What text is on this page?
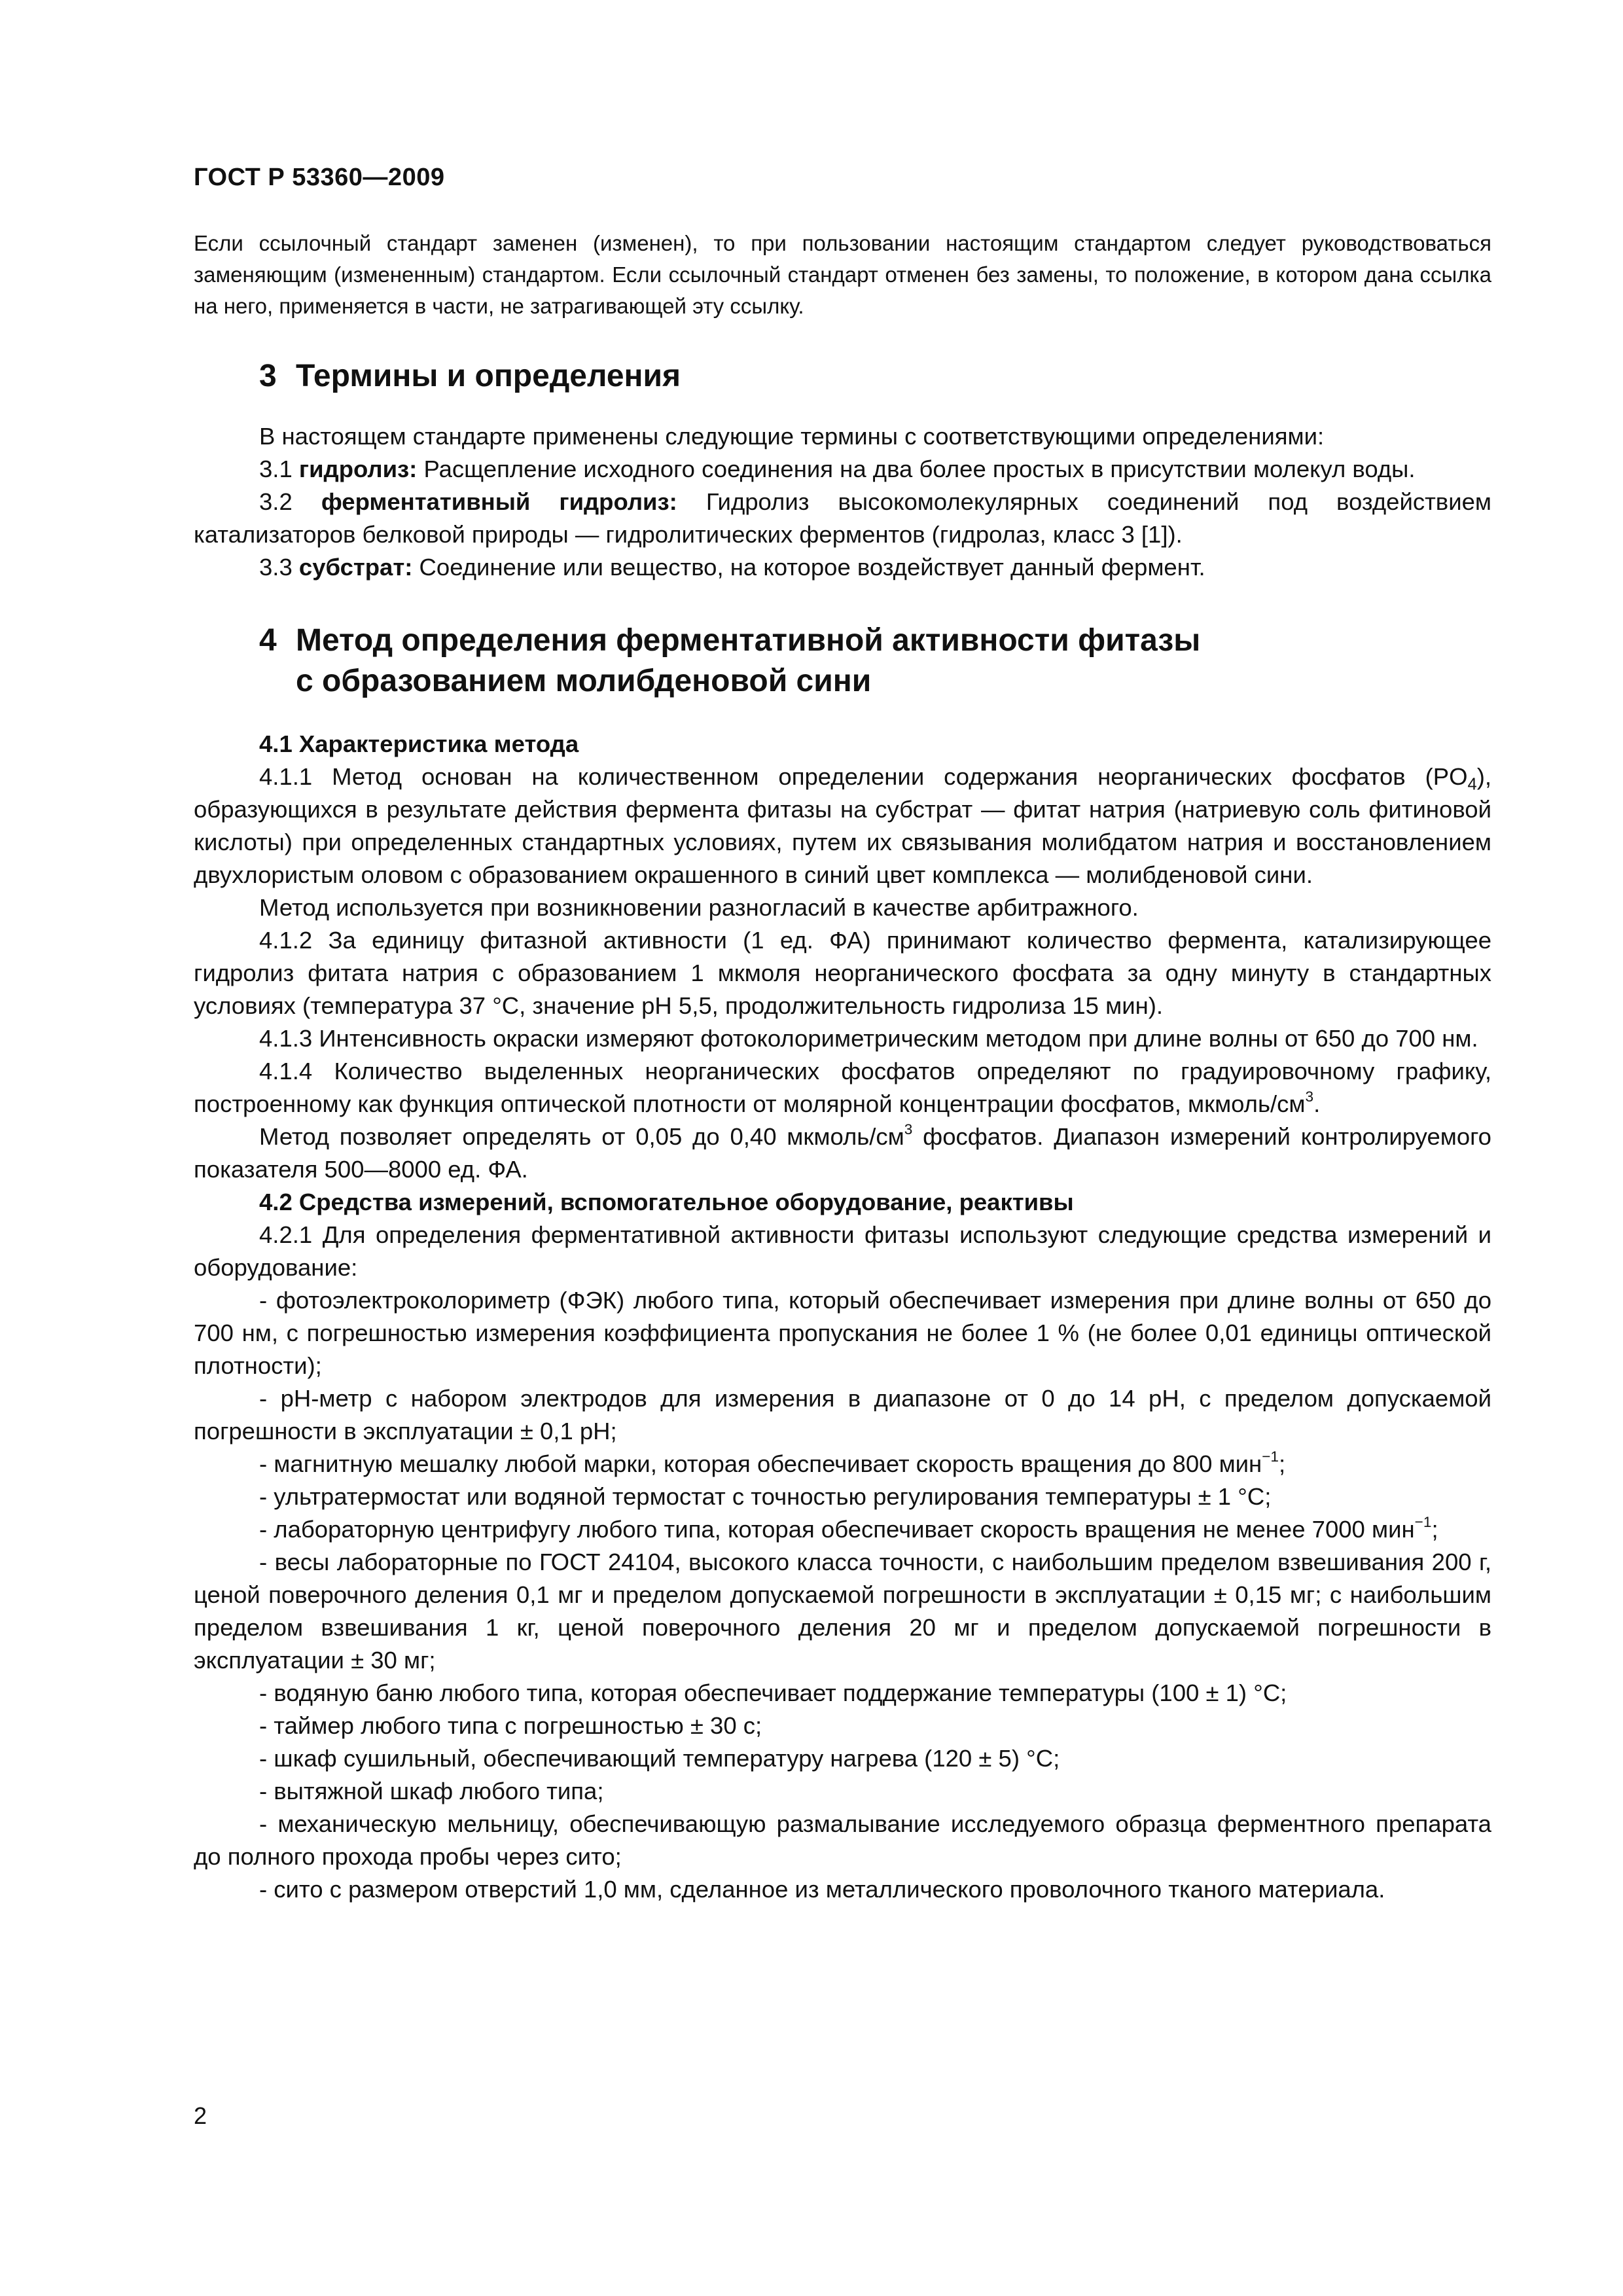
ГОСТ Р 53360—2009

Если ссылочный стандарт заменен (изменен), то при пользовании настоящим стандартом следует руководствоваться заменяющим (измененным) стандартом. Если ссылочный стандарт отменен без замены, то положение, в котором дана ссылка на него, применяется в части, не затрагивающей эту ссылку.

3 Термины и определения

В настоящем стандарте применены следующие термины с соответствующими определениями:

3.1 гидролиз: Расщепление исходного соединения на два более простых в присутствии молекул воды.

3.2 ферментативный гидролиз: Гидролиз высокомолекулярных соединений под воздействием катализаторов белковой природы — гидролитических ферментов (гидролаз, класс 3 [1]).

3.3 субстрат: Соединение или вещество, на которое воздействует данный фермент.

4 Метод определения ферментативной активности фитазы

с образованием молибденовой сини

4.1 Характеристика метода

4.1.1 Метод основан на количественном определении содержания неорганических фосфатов $(PO_4)$, образующихся в результате действия фермента фитазы на субстрат — фитат натрия (натриевую соль фитиновой кислоты) при определенных стандартных условиях, путем их связывания молибдатом натрия и восстановлением двухлористым оловом с образованием окрашенного в синий цвет комплекса — молибденовой сини.

Метод используется при возникновении разногласий в качестве арбитражного.

4.1.2 За единицу фитазной активности (1 ед. ФА) принимают количество фермента, катализирующее гидролиз фитата натрия с образованием 1 мкмоля неорганического фосфата за одну минуту в стандартных условиях (температура 37 °С, значение pH 5,5, продолжительность гидролиза 15 мин).

4.1.3 Интенсивность окраски измеряют фотоколориметрическим методом при длине волны от 650 до 700 нм.

4.1.4 Количество выделенных неорганических фосфатов определяют по градуировочному графику, построенному как функция оптической плотности от молярной концентрации фосфатов, мкмоль/$см^3$.

Метод позволяет определять от 0,05 до 0,40 мкмоль/$см^3$ фосфатов. Диапазон измерений контролируемого показателя 500—8000 ед. ФА.

4.2 Средства измерений, вспомогательное оборудование, реактивы

4.2.1 Для определения ферментативной активности фитазы используют следующие средства измерений и оборудование:

- фотоэлектроколориметр (ФЭК) любого типа, который обеспечивает измерения при длине волны от 650 до 700 нм, с погрешностью измерения коэффициента пропускания не более 1 % (не более 0,01 единицы оптической плотности);

- pH-метр с набором электродов для измерения в диапазоне от 0 до 14 pH, с пределом допускаемой погрешности в эксплуатации ± 0,1 pH;

- магнитную мешалку любой марки, которая обеспечивает скорость вращения до 800 мин$^{-1}$;

- ультратермостат или водяной термостат с точностью регулирования температуры ± 1 °С;

- лабораторную центрифугу любого типа, которая обеспечивает скорость вращения не менее 7000 мин$^{-1}$;

- весы лабораторные по ГОСТ 24104, высокого класса точности, с наибольшим пределом взвешивания 200 г, ценой поверочного деления 0,1 мг и пределом допускаемой погрешности в эксплуатации ± 0,15 мг; с наибольшим пределом взвешивания 1 кг, ценой поверочного деления 20 мг и пределом допускаемой погрешности в эксплуатации ± 30 мг;

- водяную баню любого типа, которая обеспечивает поддержание температуры (100 ± 1) °С;

- таймер любого типа с погрешностью ± 30 с;

- шкаф сушильный, обеспечивающий температуру нагрева (120 ± 5) °С;

- вытяжной шкаф любого типа;

- механическую мельницу, обеспечивающую размалывание исследуемого образца ферментного препарата до полного прохода пробы через сито;

- сито с размером отверстий 1,0 мм, сделанное из металлического проволочного тканого материала.

2
